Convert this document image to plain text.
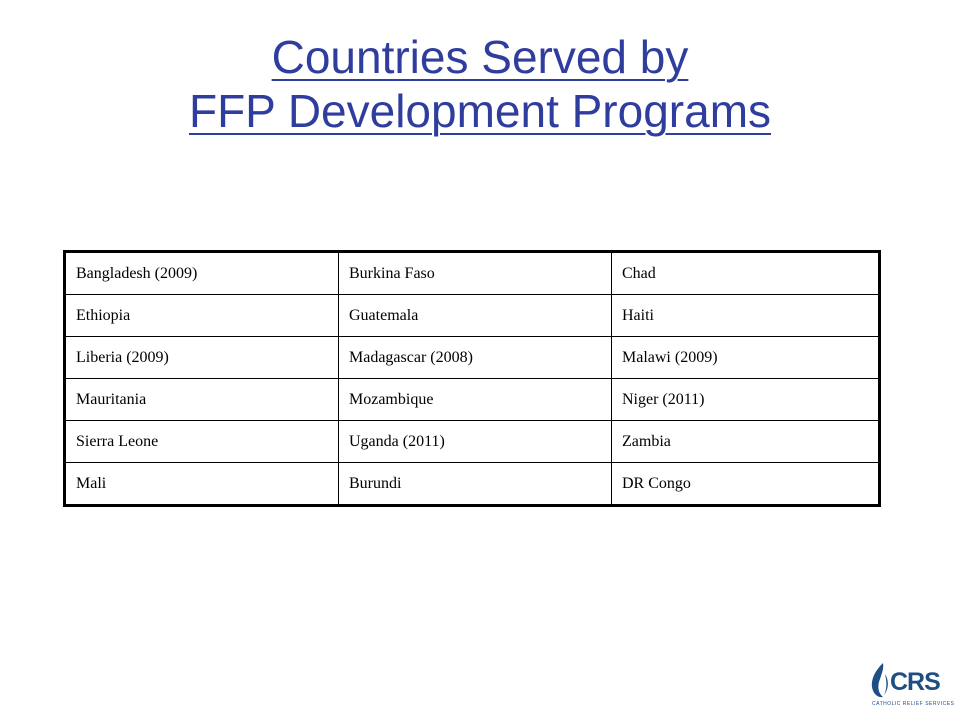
Countries Served by
FFP Development Programs
Bangladesh (2009)	Burkina Faso	Chad
Ethiopia	Guatemala	Haiti
Liberia (2009)	Madagascar (2008)	Malawi (2009)
Mauritania	Mozambique	Niger (2011)
Sierra Leone	Uganda (2011)	Zambia
Mali	Burundi	DR Congo
CRS
CATHOLIC RELIEF SERVICES
